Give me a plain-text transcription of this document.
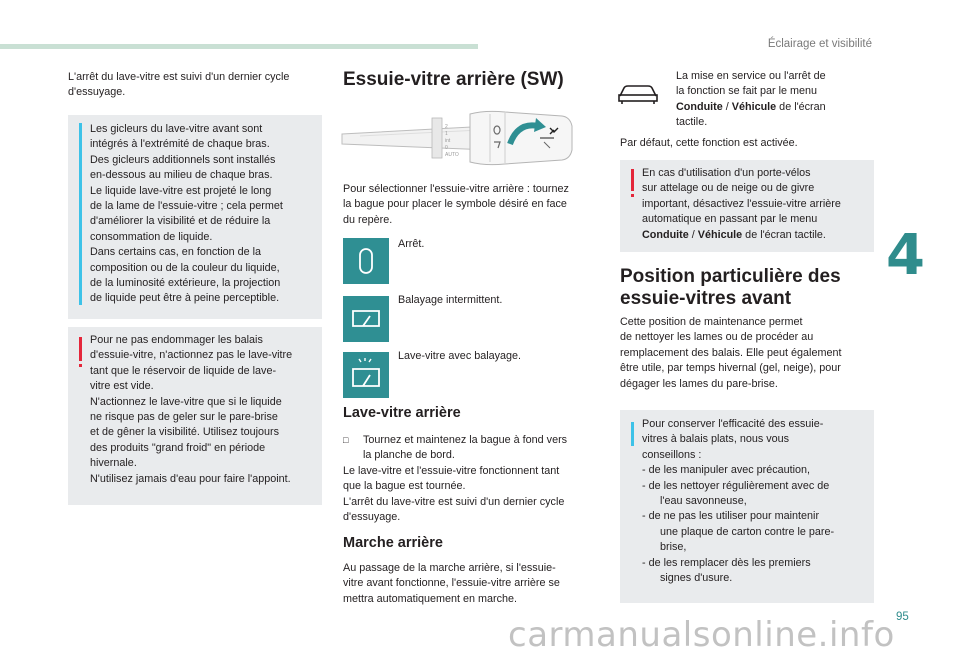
Éclairage et visibilité
4
95
carmanualsonline.info
L'arrêt du lave-vitre est suivi d'un dernier cycle
d'essuyage.
Les gicleurs du lave-vitre avant sont
intégrés à l'extrémité de chaque bras.
Des gicleurs additionnels sont installés
en-dessous au milieu de chaque bras.
Le liquide lave-vitre est projeté le long
de la lame de l'essuie-vitre ; cela permet
d'améliorer la visibilité et de réduire la
consommation de liquide.
Dans certains cas, en fonction de la
composition ou de la couleur du liquide,
de la luminosité extérieure, la projection
de liquide peut être à peine perceptible.
Pour ne pas endommager les balais
d'essuie-vitre, n'actionnez pas le lave-vitre
tant que le réservoir de liquide de lave-
vitre est vide.
N'actionnez le lave-vitre que si le liquide
ne risque pas de geler sur le pare-brise
et de gêner la visibilité. Utilisez toujours
des produits "grand froid" en période
hivernale.
N'utilisez jamais d'eau pour faire l'appoint.
Essuie-vitre arrière (SW)
2
1
int
0
AUTO
Pour sélectionner l'essuie-vitre arrière : tournez
la bague pour placer le symbole désiré en face
du repère.
Arrêt.
Balayage intermittent.
Lave-vitre avec balayage.
Lave-vitre arrière
□ Tournez et maintenez la bague à fond vers
la planche de bord.
Le lave-vitre et l'essuie-vitre fonctionnent tant
que la bague est tournée.
L'arrêt du lave-vitre est suivi d'un dernier cycle
d'essuyage.
Marche arrière
Au passage de la marche arrière, si l'essuie-
vitre avant fonctionne, l'essuie-vitre arrière se
mettra automatiquement en marche.
La mise en service ou l'arrêt de
la fonction se fait par le menu
Conduite / Véhicule de l'écran
tactile.
Par défaut, cette fonction est activée.
En cas d'utilisation d'un porte-vélos
sur attelage ou de neige ou de givre
important, désactivez l'essuie-vitre arrière
automatique en passant par le menu
Conduite / Véhicule de l'écran tactile.
Position particulière des
essuie-vitres avant
Cette position de maintenance permet
de nettoyer les lames ou de procéder au
remplacement des balais. Elle peut également
être utile, par temps hivernal (gel, neige), pour
dégager les lames du pare-brise.
Pour conserver l'efficacité des essuie-
vitres à balais plats, nous vous
conseillons :
- de les manipuler avec précaution,
- de les nettoyer régulièrement avec de
l'eau savonneuse,
- de ne pas les utiliser pour maintenir
une plaque de carton contre le pare-
brise,
- de les remplacer dès les premiers
signes d'usure.
